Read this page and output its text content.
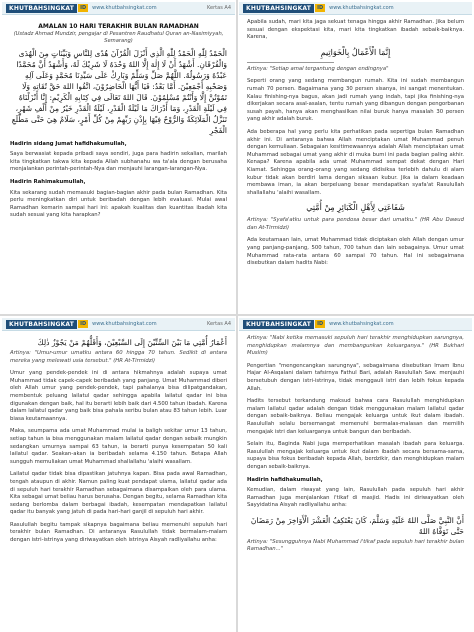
KHUTBAHSINGKAT	ID	www.khutbahsingkat.com	Kertas A4
AMALAN 10 HARI TERAKHIR BULAN RAMADHAN
(Ustadz Ahmad Mundzir, pengajar di Pesantren Raudhatul Quran an-Nasimiyyah, Semarang)
الْحَمْدُ لِلّٰهِ الْحَمْدُ لِلّٰهِ الَّذِي أَنْزَلَ الْقُرْآنَ هُدًى لِلنَّاسِ وَبَيِّنَاتٍ مِنَ الْهُدَى وَالْفُرْقَانِ. أَشْهَدُ أَنْ لَا إِلٰهَ إِلَّا اللهُ وَحْدَهُ لَا شَرِيْكَ لَهُ، وَأَشْهَدُ أَنَّ مُحَمَّدًا عَبْدُهُ وَرَسُولُهُ. اللَّهُمَّ صَلِّ وَسَلِّمْ وَبَارِكْ عَلَى سَيِّدِنَا مُحَمَّدٍ وَعَلَى آلِهِ وَصَحْبِهِ أَجْمَعِيْنَ. أَمَّا بَعْدُ: فَيَا أَيُّهَا الْحَاضِرُوْنَ، اتَّقُوا اللهَ حَقَّ تُقَاتِهِ وَلَا تَمُوْتُنَّ إِلَّا وَأَنْتُمْ مُسْلِمُوْنَ. قَالَ اللهُ تَعَالَى فِي كِتَابِهِ الْكَرِيْمِ: إِنَّا أَنْزَلْنَاهُ فِي لَيْلَةِ الْقَدْرِ، وَمَا أَدْرَاكَ مَا لَيْلَةُ الْقَدْرِ، لَيْلَةُ الْقَدْرِ خَيْرٌ مِنْ أَلْفِ شَهْرٍ، تَنَزَّلُ الْمَلَائِكَةُ وَالرُّوْحُ فِيْهَا بِإِذْنِ رَبِّهِمْ مِنْ كُلِّ أَمْرٍ، سَلَامٌ هِيَ حَتَّى مَطْلَعِ الْفَجْرِ
Hadirin sidang Jumat hafidhakumullah,
Saya berwasiat kepada pribadi saya sendiri, juga para hadirin sekalian, marilah kita tingkatkan takwa kita kepada Allah subhanahu wa ta'ala dengan berusaha menjalankan perintah-perintah-Nya dan menjauhi larangan-larangan-Nya.
Hadirin Rahimakumullah,
Kita sekarang sudah memasuki bagian-bagian akhir pada bulan Ramadhan. Kita perlu meningkatkan diri untuk beribadah dengan lebih evaluasi. Mulai awal Ramadhan kemarin sampai hari ini: apakah kualitas dan kuantitas ibadah kita sudah sesuai yang kita harapkan?
KHUTBAHSINGKAT	ID	www.khutbahsingkat.com
Apabila sudah, mari kita jaga sekuat tenaga hingga akhir Ramadhan. Jika belum sesuai dengan ekspektasi kita, mari kita tingkatkan ibadah sebaik-baiknya. Karena,
إِنَّمَا الْأَعْمَالُ بِالْخَوَاتِيمِ
Artinya: "Setiap amal tergantung dengan endingnya"
Seperti orang yang sedang membangun rumah. Kita ini sudah membangun rumah 70 persen. Bagaimana yang 30 persen sisanya, ini sangat menentukan. Kalau finishing-nya bagus, akan jadi rumah yang indah, tapi jika finishing-nya dikerjakan secara asal-asalan, tentu rumah yang dibangun dengan pengorbanan susah payah, hanya akan menghasilkan nilai buruk hanya masalah 30 persen yang akhir adalah buruk.
Ada beberapa hal yang perlu kita perhatikan pada sepertiga bulan Ramadhan akhir ini. Di antaranya bahwa Allah menciptakan umat Muhammad penuh dengan kemuliaan. Sebagaian kesitimewaannya adalah Allah menciptakan umat Muhammad sebagai umat yang akhir di muka bumi ini pada bagian paling akhir. Kenapa? Karena apabila ada umat Muhammad sempat dekat dengan Hari Kiamat. Sehingga orang-orang yang sedang didisiksa terlebih dahulu di alam kubur tidak akan berdiri lama dengan siksaan kubur. Jika ia dalam keadaan membawa iman, ia akan berpeluang besar mendapatkan syafa'at Rasulullah shallallahu 'alaihi wasallam.
شَفَاعَتِي لِأَهْلِ الْكَبَائِرِ مِنْ أُمَّتِي
Artinya: "Syafa'atku untuk para pendosa besar dari umatku." (HR Abu Dawud dan At-Tirmidzi)
Ada keutamaan lain, umat Muhammad tidak diciptakan oleh Allah dengan umur yang panjang-panjang, 500 tahun, 700 tahun dan lain sebagainya. Umur umat Muhammad rata-rata antara 60 sampai 70 tahun. Hal ini sebagaimana disebutkan dalam hadits Nabi:
KHUTBAHSINGKAT	ID	www.khutbahsingkat.com	Kertas A4
أَعْمَارُ أُمَّتِي مَا بَيْنَ السِّتِّيْنَ إِلَى السَّبْعِيْنَ، وَأَقَلُّهُمْ مَنْ يَجُوْزُ ذٰلِكَ
Artinya: "Umur-umur umatku antara 60 hingga 70 tahun. Sedikit di antara mereka yang melewati usia tersebut." (HR At-Tirmidzi)
Umur yang pendek-pendek ini di antara hikmahnya adalah supaya umat Muhammad tidak capek-capek beribadah yang panjang. Umat Muhammad diberi oleh Allah umur yang pendek-pendek, tapi pahalanya bisa dilipatgandakan, membentuk peluang lailatul qadar sehingga apabila lailatul qadar ini bisa digunakan dengan baik, hal itu berarti lebih baik dari 4.500 tahun ibadah. Karena dalam lailatul qadar yang baik bisa pahala seribu bulan atau 83 tahun lebih. Luar biasa keutamaannya.
Maka, seumpama ada umat Muhammad mulai ia baligh sekitar umur 13 tahun, setiap tahun ia bisa menggunakan malam lailatul qadar dengan sebaik mungkin sedangkan umurnya sampai 63 tahun, ia berarti punya kesempatan 50 kali lailatul qadar. Seakan-akan ia beribadah selama 4.150 tahun. Betapa Allah sungguh memuliakan umat Muhammad shallallahu 'alaihi wasallam.
Lailatul qadar tidak bisa dipastikan jatuhnya kapan. Bisa pada awal Ramadhan, tengah ataupun di akhir. Namun paling kuat pendapat ulama, lailatul qadar ada di sepuluh hari terakhir Ramadhan sebagaimana disampaikan oleh para ulama. Kita sebagai umat beliau harus berusaha. Dengan begitu, selama Ramadhan kita sedang berlomba dalam berbagai ibadah, kesempatan mendapatkan lailatul qadar itu banyak yang jatuh di pada hari-hari ganjil di sepuluh hari akhir.
Rasulullah begitu tampak sikapnya bagaimana beliau memenuhi sepuluh hari terakhir bulan Ramadhan. Di antaranya Rasulullah tidak bermalam-malam dengan istri-istrinya yang diriwayatkan oleh istrinya Aisyah radliyallahu anha:
KHUTBAHSINGKAT	ID	www.khutbahsingkat.com
Artinya: "Nabi ketika memasuki sepuluh hari terakhir menghidupkan sarungnya, menghidupkan malamnya dan membangunkan keluarganya." (HR Bukhari Muslim)
Pengertian "mengencangkan sarungnya", sebagaimana disebutkan Imam Ibnu Hajar Al-Asqalani dalam tafsirnya Fathul Bari, adalah Rasulullah Saw. menjauhi bersetubuh dengan istri-istrinya, tidak menggauli istri dan lebih fokus kepada Allah.
Hadits tersebut terkandung maksud bahwa cara Rasulullah menghidupkan malam lailatul qadar adalah dengan tidak menggunakan malam lailatul qadar dengan sebaik-baiknya. Beliau mengajak keluarga untuk ikut dalam ibadah. Rasulullah selalu bersemangat memenuhi bermalas-malasan dan memilih mengajak istri dan keluarganya untuk bangun dan beribadah.
Selain itu, Baginda Nabi juga memperhatikan masalah ibadah para keluarga. Rasulullah mengajak keluarga untuk ikut dalam ibadah secara bersama-sama, supaya bisa fokus beribadah kepada Allah, berdzikir, dan menghidupkan malam dengan sebaik-baiknya.
Hadirin hafidhakumullah,
Kemudian, dalam riwayat yang lain, Rasulullah pada sepuluh hari akhir Ramadhan juga menjalankan i'tikaf di masjid. Hadis ini diriwayatkan oleh Sayyidatina Aisyah radliyallahu anha:
أَنَّ النَّبِيَّ صَلَّى اللهُ عَلَيْهِ وَسَلَّمَ، كَانَ يَعْتَكِفُ الْعَشْرَ الْأَوَاخِرَ مِنْ رَمَضَانَ حَتَّى تَوَفَّاهُ اللهُ
Artinya: "Sesungguhnya Nabi Muhammad i'tikaf pada sepuluh hari terakhir bulan Ramadhan..."
